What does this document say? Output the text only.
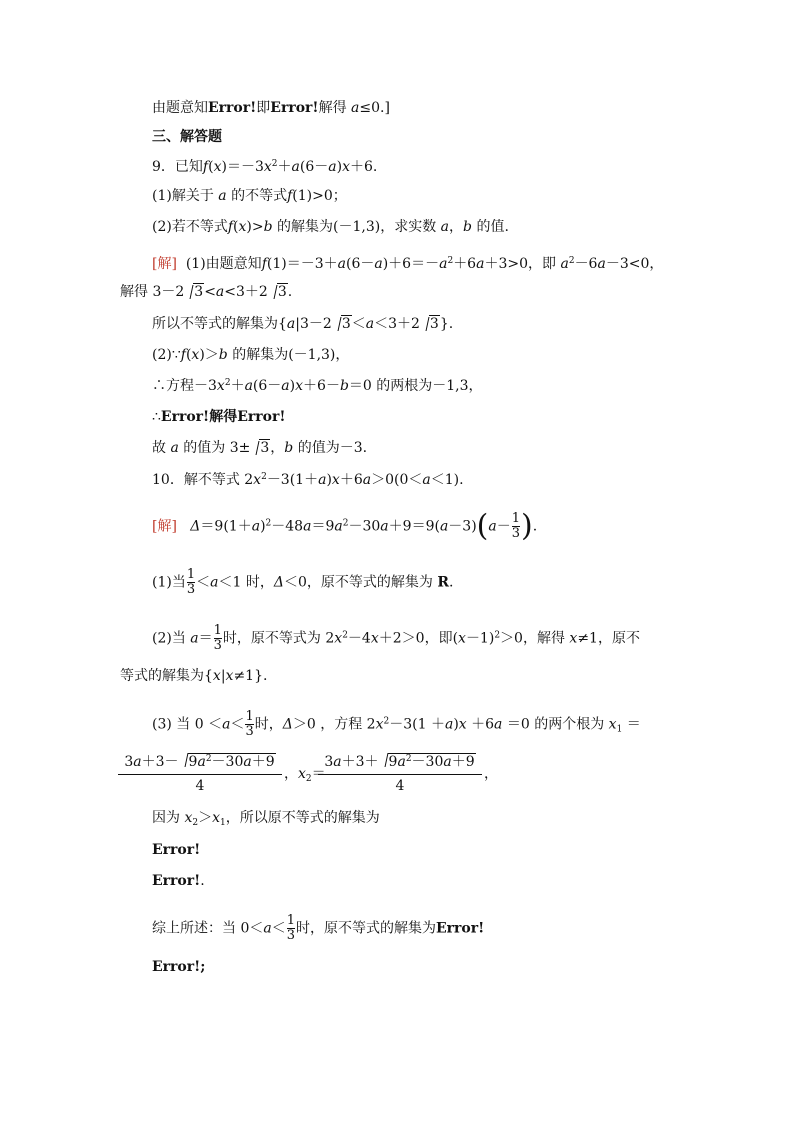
由题意知Error!即Error!解得 a≤0.]
三、解答题
9．已知$f(x)=-3x^2+a(6-a)x+6$.
(1)解关于 a 的不等式f(1)>0；
(2)若不等式f(x)>b 的解集为(－1,3)，求实数 a，b 的值.
[解] (1)由题意知$f(1)=-3+a(6-a)+6=-a^2+6a+3>0$，即 $a^2-6a-3<0$，
解得 3－2 3<a<3＋2 3.
所以不等式的解集为{a|3－2 3＜a＜3＋2 3}.
(2)∵f(x)＞b 的解集为(－1,3)，
∴方程$-3x^2+a(6-a)x+6-b=0$ 的两根为－1,3，
∴Error!解得Error!
故 a 的值为 3± 3，b 的值为－3.
10．解不等式 $2x^2-3(1+a)x+6a>0(0<a<1)$.
[解] $\Delta=9(1+a)^2-48a=9a^2-30a+9=9(a-3)(a- \frac{1}{3}$ ).
(1)当 $\frac{1}{3} <a<1$ 时，Δ＜0，原不等式的解集为 R.
(2)当 $a= \frac{1}{3}$ 时，原不等式为 $2x^2-4x+2>0$，即$(x-1)^2>0$，解得 x≠1，原不
等式的解集为{x|x≠1}.
(3) 当 $0 <a< \frac{1}{3}$ 时，Δ＞0 ，方程 $2x^2-3(1 +a)x +6a =0$ 的两个根为 $x_1$ ＝
$\frac{3a+3- 9a^2-30a+9}{4}$ ，$x_2=$
$\frac{3a+3+ 9a^2-30a+9}{4}$ ，
因为 $x_2>x_1$，所以原不等式的解集为
Error!
Error!.
综上所述：当 $0<a< \frac{1}{3}$ 时，原不等式的解集为Error!
Error!;
